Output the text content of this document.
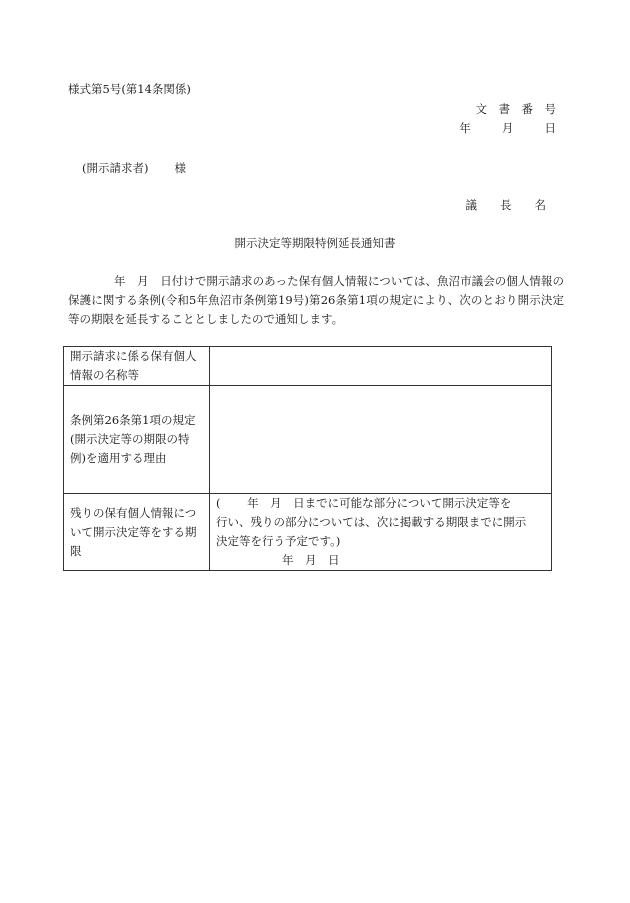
様式第5号(第14条関係)
文　書　番　号
年　 月　 日
(開示請求者) 様
議　　長　　名
開示決定等期限特例延長通知書
年　月　日付けで開示請求のあった保有個人情報については、魚沼市議会の個人情報の保護に関する条例(令和5年魚沼市条例第19号)第26条第1項の規定により、次のとおり開示決定等の期限を延長することとしましたので通知します。
開示請求に係る保有個人情報の名称等	
条例第26条第1項の規定(開示決定等の期限の特例)を適用する理由	
残りの保有個人情報について開示決定等をする期限	(　　 年　月　日までに可能な部分について開示決定等を
行い、残りの部分については、次に掲載する期限までに開示
決定等を行う予定です。)
年　月　日
